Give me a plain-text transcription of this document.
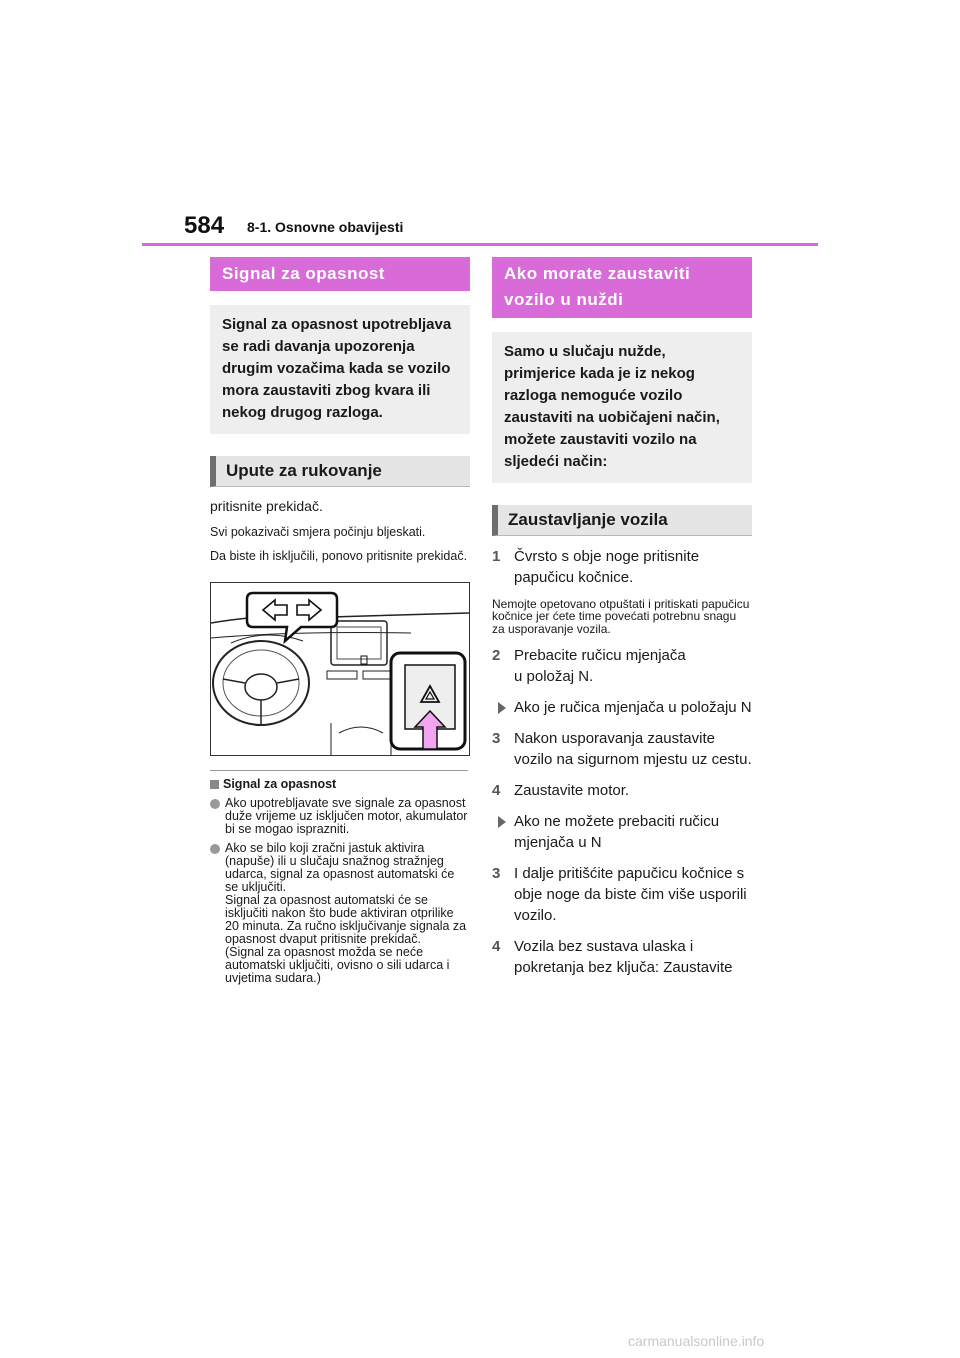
584 8-1. Osnovne obavijesti
Signal za opasnost
Signal za opasnost upotrebljava se radi davanja upozorenja drugim vozačima kada se vozilo mora zaustaviti zbog kvara ili nekog drugog razloga.
Upute za rukovanje
pritisnite prekidač.
Svi pokazivači smjera počinju bljeskati.
Da biste ih isključili, ponovo pritisnite prekidač.
Signal za opasnost
Ako upotrebljavate sve signale za opasnost duže vrijeme uz isključen motor, akumulator bi se mogao isprazniti.
Ako se bilo koji zračni jastuk aktivira (napuše) ili u slučaju snažnog stražnjeg udarca, signal za opasnost automatski će se uključiti.
Signal za opasnost automatski će se isključiti nakon što bude aktiviran otprilike 20 minuta. Za ručno isključivanje signala za opasnost dvaput pritisnite prekidač.
(Signal za opasnost možda se neće automatski uključiti, ovisno o sili udarca i uvjetima sudara.)
Ako morate zaustaviti vozilo u nuždi
Samo u slučaju nužde, primjerice kada je iz nekog razloga nemoguće vozilo zaustaviti na uobičajeni način, možete zaustaviti vozilo na sljedeći način:
Zaustavljanje vozila
1 Čvrsto s obje noge pritisnite papučicu kočnice.
Nemojte opetovano otpuštati i pritiskati papučicu kočnice jer ćete time povećati potrebnu snagu za usporavanje vozila.
2 Prebacite ručicu mjenjača
u položaj N.
Ako je ručica mjenjača u položaju N
3 Nakon usporavanja zaustavite vozilo na sigurnom mjestu uz cestu.
4 Zaustavite motor.
Ako ne možete prebaciti ručicu mjenjača u N
3 I dalje pritišćite papučicu kočnice s obje noge da biste čim više usporili vozilo.
4 Vozila bez sustava ulaska i pokretanja bez ključa: Zaustavite
carmanualsonline.info
